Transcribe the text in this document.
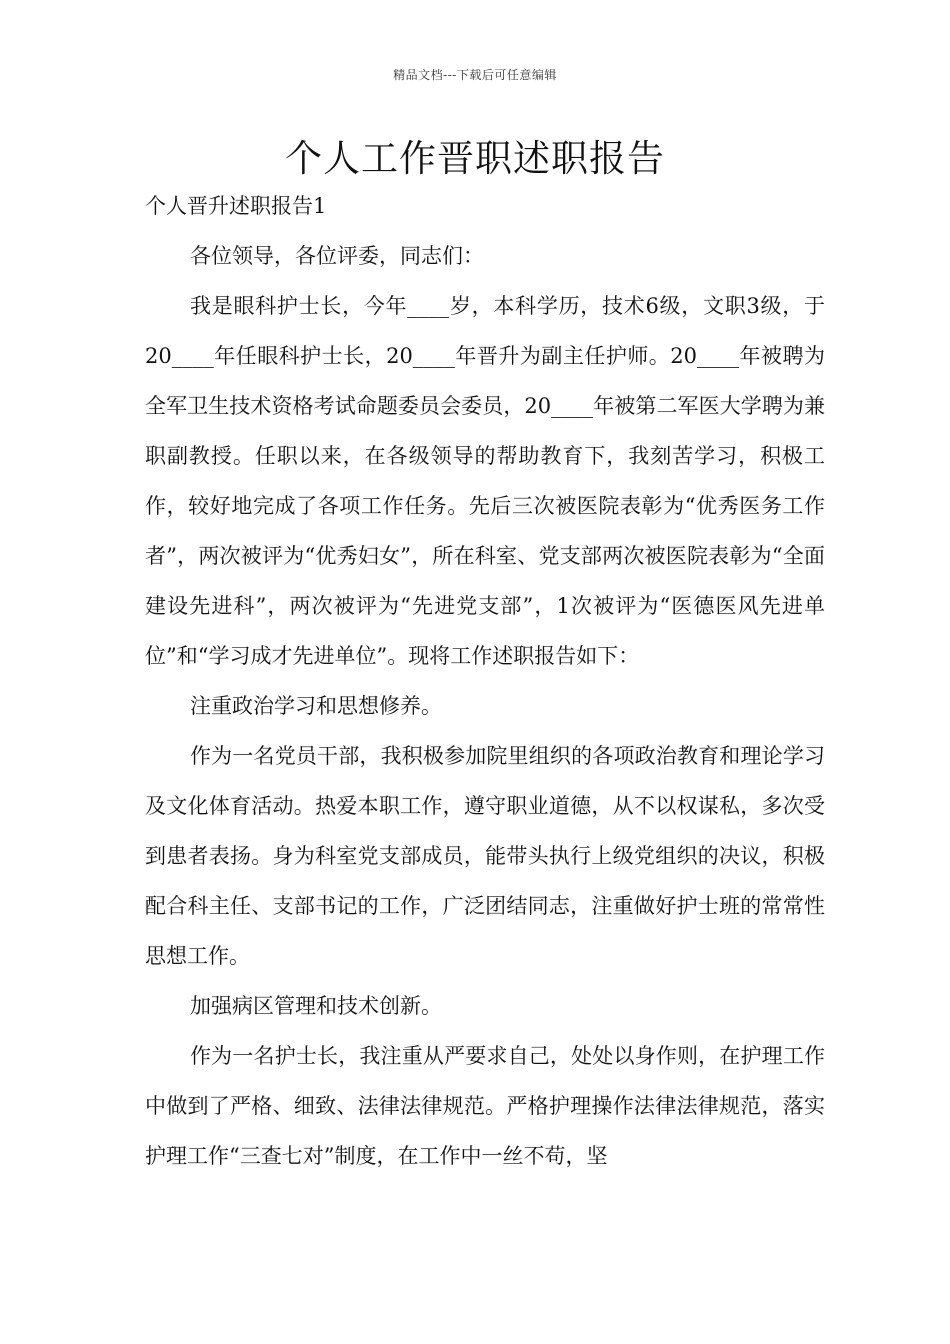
精品文档---下载后可任意编辑
个人工作晋职述职报告

个人晋升述职报告1

各位领导，各位评委，同志们：

我是眼科护士长，今年____岁，本科学历，技术6级，文职3级，于20____年任眼科护士长，20____年晋升为副主任护师。20____年被聘为全军卫生技术资格考试命题委员会委员，20____年被第二军医大学聘为兼职副教授。任职以来，在各级领导的帮助教育下，我刻苦学习，积极工作，较好地完成了各项工作任务。先后三次被医院表彰为“优秀医务工作者”，两次被评为“优秀妇女”，所在科室、党支部两次被医院表彰为“全面建设先进科”，两次被评为“先进党支部”，1次被评为“医德医风先进单位”和“学习成才先进单位”。现将工作述职报告如下：

注重政治学习和思想修养。

作为一名党员干部，我积极参加院里组织的各项政治教育和理论学习及文化体育活动。热爱本职工作，遵守职业道德，从不以权谋私，多次受到患者表扬。身为科室党支部成员，能带头执行上级党组织的决议，积极配合科主任、支部书记的工作，广泛团结同志，注重做好护士班的常常性思想工作。

加强病区管理和技术创新。

作为一名护士长，我注重从严要求自己，处处以身作则，在护理工作中做到了严格、细致、法律法律规范。严格护理操作法律法律规范，落实护理工作“三查七对”制度，在工作中一丝不苟，坚
